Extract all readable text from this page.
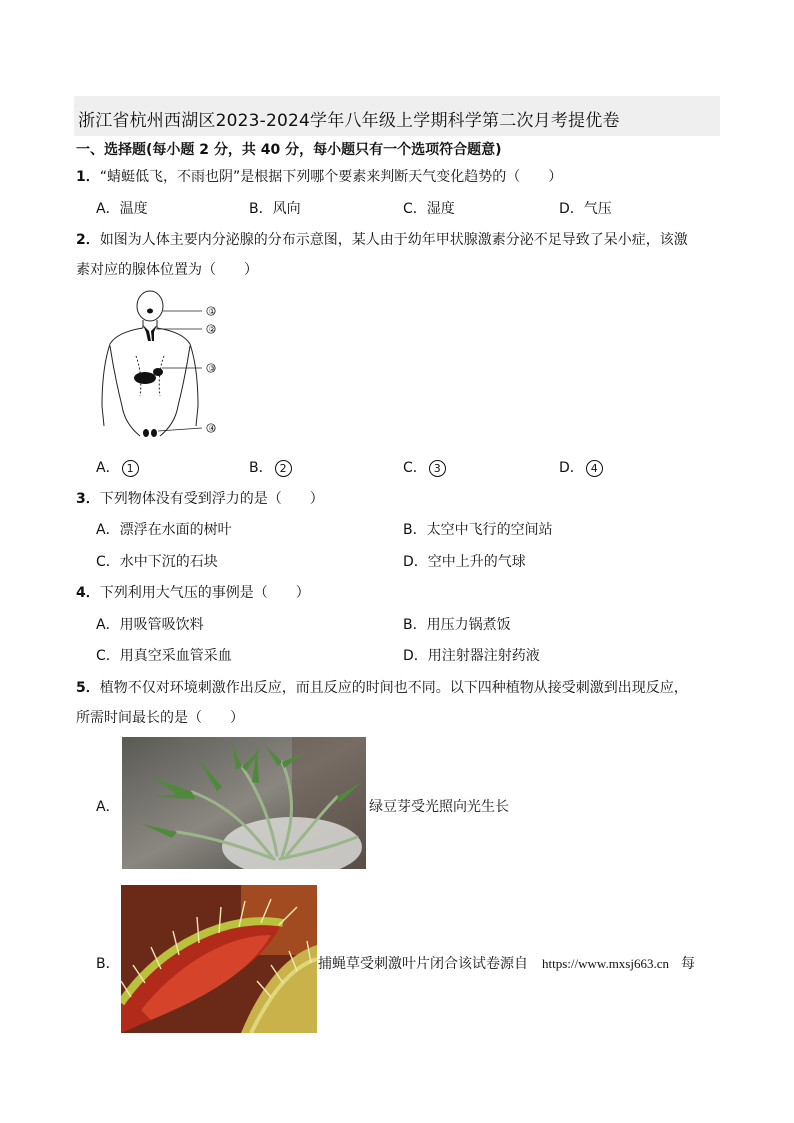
浙江省杭州西湖区2023-2024学年八年级上学期科学第二次月考提优卷
一、选择题(每小题 2 分，共 40 分，每小题只有一个选项符合题意)
1．“蜻蜓低飞，不雨也阴”是根据下列哪个要素来判断天气变化趋势的（　　）
A．温度	B．风向	C．湿度	D．气压
2．如图为人体主要内分泌腺的分布示意图，某人由于幼年甲状腺激素分泌不足导致了呆小症，该激
素对应的腺体位置为（　　）
①
②
③
④
A． 1	B． 2	C． 3	D． 4
3．下列物体没有受到浮力的是（　　）
A．漂浮在水面的树叶	B．太空中飞行的空间站
C．水中下沉的石块	D．空中上升的气球
4．下列利用大气压的事例是（　　）
A．用吸管吸饮料	B．用压力锅煮饭
C．用真空采血管采血	D．用注射器注射药液
5．植物不仅对环境刺激作出反应，而且反应的时间也不同。以下四种植物从接受刺激到出现反应，
所需时间最长的是（　　）
A．	绿豆芽受光照向光生长
B．	捕蝇草受刺激叶片闭合该试卷源自 https://www.mxsj663.cn 每
